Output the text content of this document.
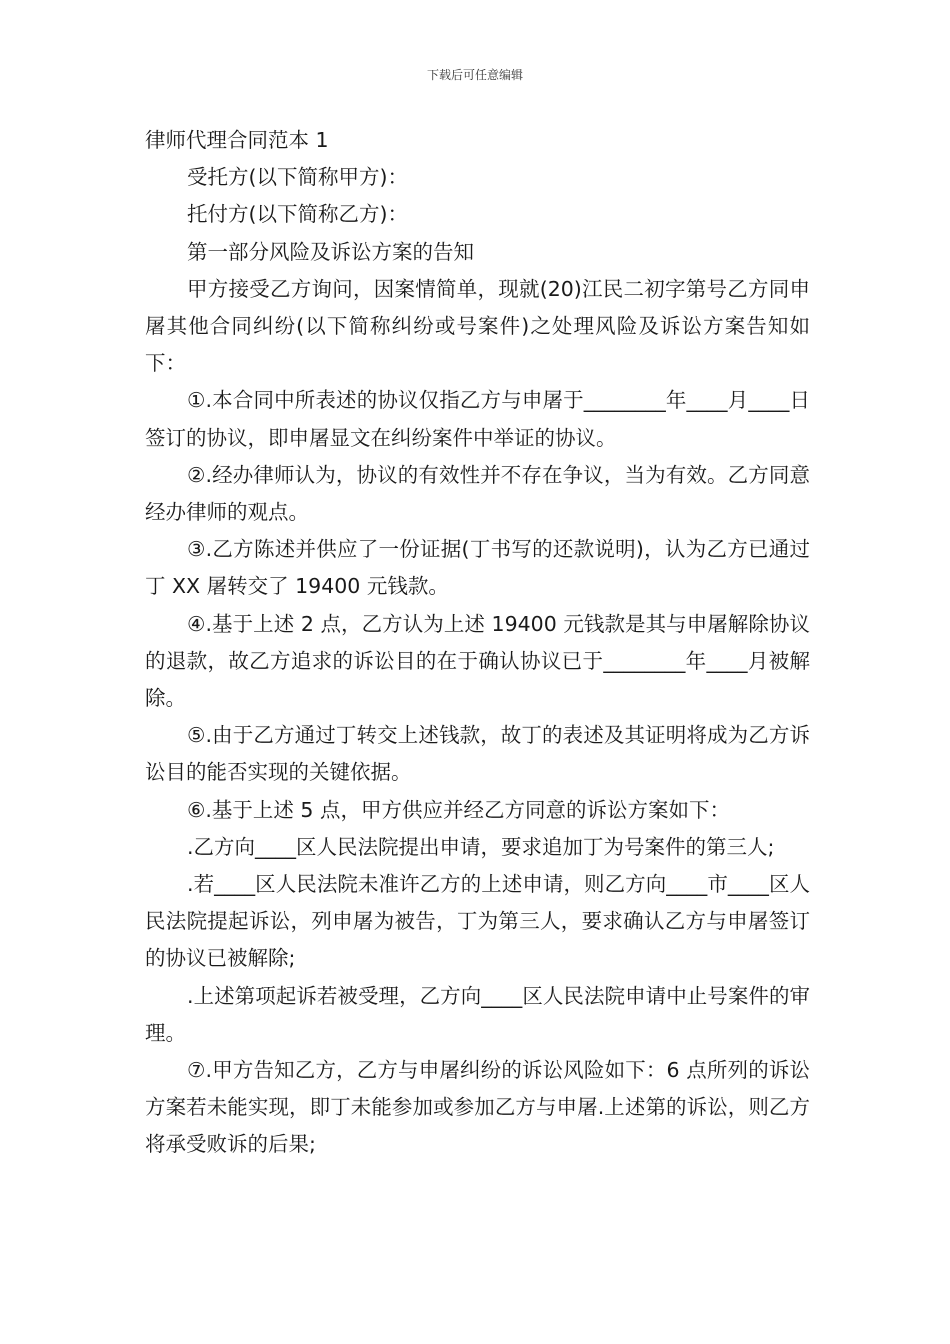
下载后可任意编辑

律师代理合同范本 1

受托方(以下简称甲方)：

托付方(以下简称乙方)：

第一部分风险及诉讼方案的告知

甲方接受乙方询问，因案情简单，现就(20)江民二初字第号乙方同申屠其他合同纠纷(以下简称纠纷或号案件)之处理风险及诉讼方案告知如下：

①.本合同中所表述的协议仅指乙方与申屠于________年____月____日签订的协议，即申屠显文在纠纷案件中举证的协议。

②.经办律师认为，协议的有效性并不存在争议，当为有效。乙方同意经办律师的观点。

③.乙方陈述并供应了一份证据(丁书写的还款说明)，认为乙方已通过丁 XX 屠转交了 19400 元钱款。

④.基于上述 2 点，乙方认为上述 19400 元钱款是其与申屠解除协议的退款，故乙方追求的诉讼目的在于确认协议已于________年____月被解除。

⑤.由于乙方通过丁转交上述钱款，故丁的表述及其证明将成为乙方诉讼目的能否实现的关键依据。

⑥.基于上述 5 点，甲方供应并经乙方同意的诉讼方案如下：

.乙方向____区人民法院提出申请，要求追加丁为号案件的第三人;

.若____区人民法院未准许乙方的上述申请，则乙方向____市____区人民法院提起诉讼，列申屠为被告，丁为第三人，要求确认乙方与申屠签订的协议已被解除;

.上述第项起诉若被受理，乙方向____区人民法院申请中止号案件的审理。

⑦.甲方告知乙方，乙方与申屠纠纷的诉讼风险如下：6 点所列的诉讼方案若未能实现，即丁未能参加或参加乙方与申屠.上述第的诉讼，则乙方将承受败诉的后果;
